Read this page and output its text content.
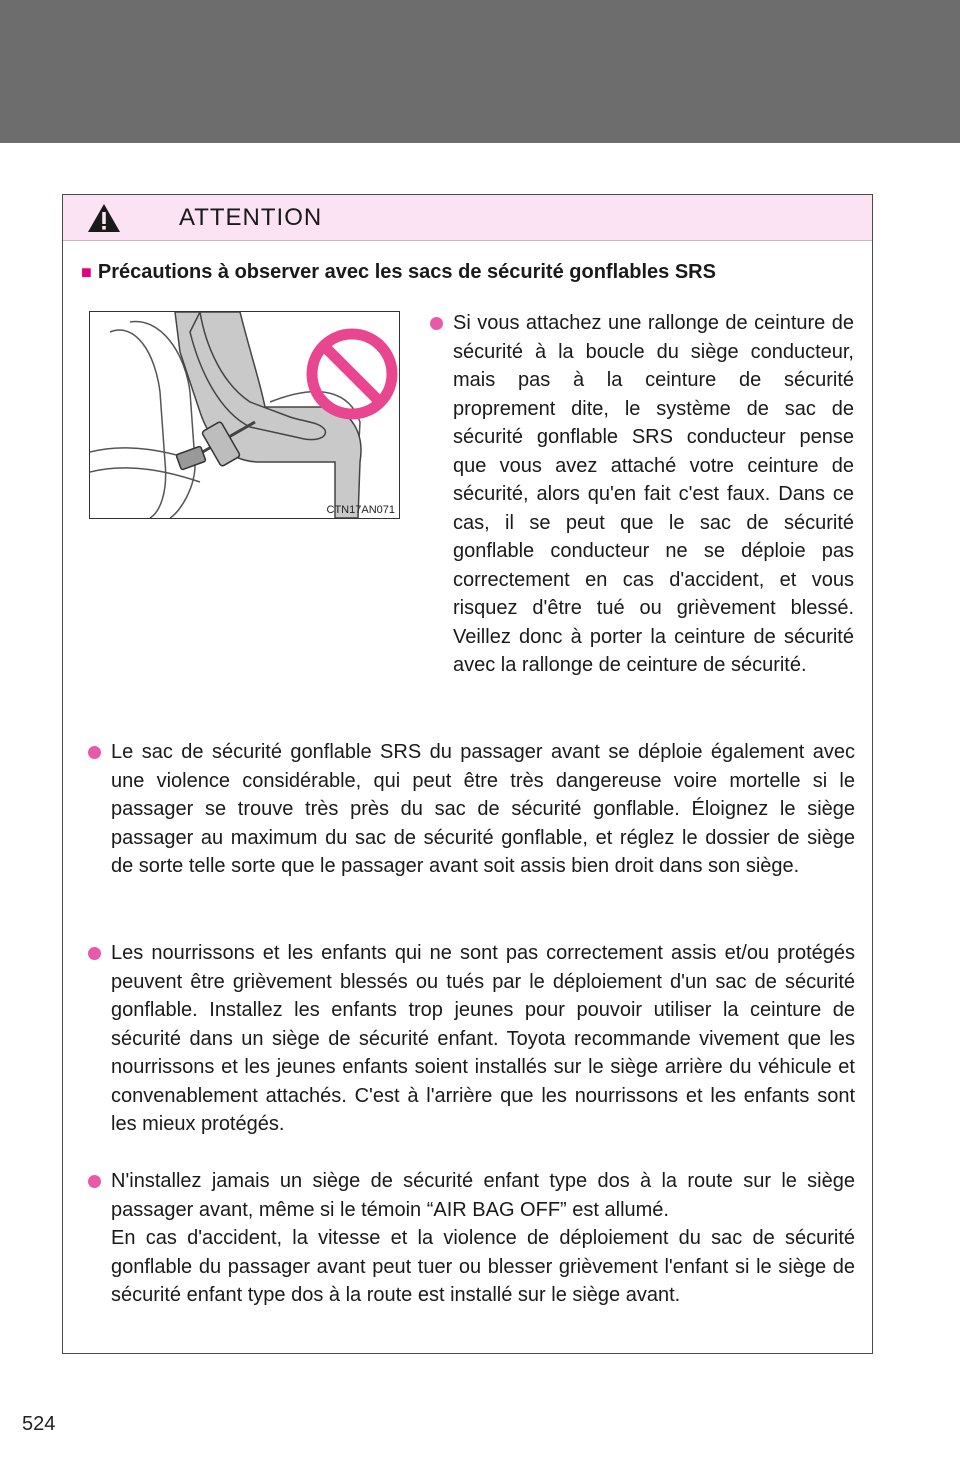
ATTENTION
■ Précautions à observer avec les sacs de sécurité gonflables SRS
CTN17AN071
Si vous attachez une rallonge de ceinture de sécurité à la boucle du siège conducteur, mais pas à la ceinture de sécurité proprement dite, le système de sac de sécurité gonflable SRS conducteur pense que vous avez attaché votre ceinture de sécurité, alors qu'en fait c'est faux. Dans ce cas, il se peut que le sac de sécurité gonflable conducteur ne se déploie pas correctement en cas d'accident, et vous risquez d'être tué ou grièvement blessé. Veillez donc à porter la ceinture de sécurité avec la rallonge de ceinture de sécurité.
Le sac de sécurité gonflable SRS du passager avant se déploie également avec une violence considérable, qui peut être très dangereuse voire mortelle si le passager se trouve très près du sac de sécurité gonflable. Éloignez le siège passager au maximum du sac de sécurité gonflable, et réglez le dossier de siège de sorte telle sorte que le passager avant soit assis bien droit dans son siège.
Les nourrissons et les enfants qui ne sont pas correctement assis et/ou protégés peuvent être grièvement blessés ou tués par le déploiement d'un sac de sécurité gonflable. Installez les enfants trop jeunes pour pouvoir utiliser la ceinture de sécurité dans un siège de sécurité enfant. Toyota recommande vivement que les nourrissons et les jeunes enfants soient installés sur le siège arrière du véhicule et convenablement attachés. C'est à l'arrière que les nourrissons et les enfants sont les mieux protégés.
N'installez jamais un siège de sécurité enfant type dos à la route sur le siège passager avant, même si le témoin “AIR BAG OFF” est allumé.
En cas d'accident, la vitesse et la violence de déploiement du sac de sécurité gonflable du passager avant peut tuer ou blesser grièvement l'enfant si le siège de sécurité enfant type dos à la route est installé sur le siège avant.
524
